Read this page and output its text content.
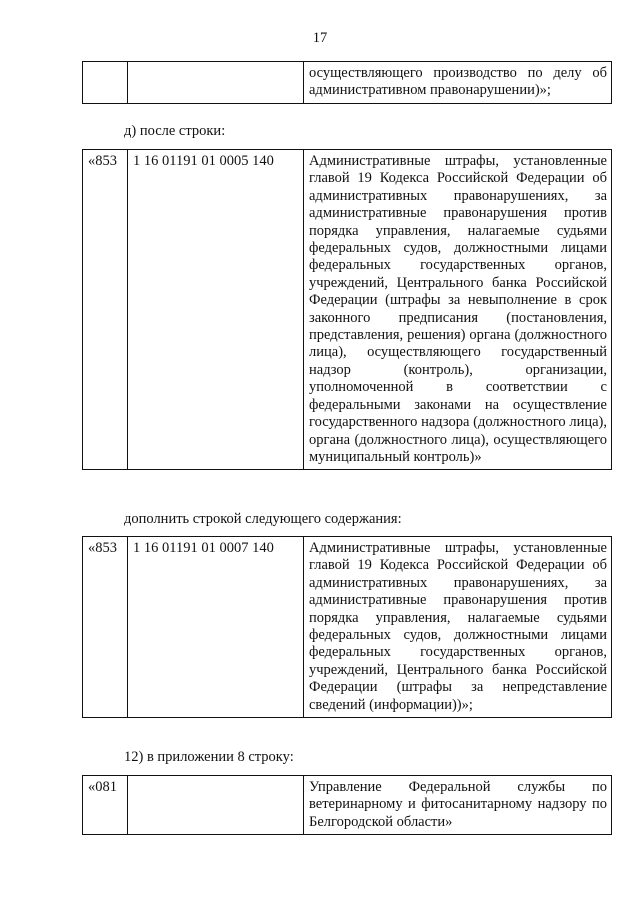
17
		осуществляющего производство по делу об административном правонарушении)»;
д) после строки:
«853	1 16 01191 01 0005 140	Административные штрафы, установленные главой 19 Кодекса Российской Федерации об административных правонарушениях, за административные правонарушения против порядка управления, налагаемые судьями федеральных судов, должностными лицами федеральных государственных органов, учреждений, Центрального банка Российской Федерации (штрафы за невыполнение в срок законного предписания (постановления, представления, решения) органа (должностного лица), осуществляющего государственный надзор (контроль), организации, уполномоченной в соответствии с федеральными законами на осуществление государственного надзора (должностного лица), органа (должностного лица), осуществляющего муниципальный контроль)»
дополнить строкой следующего содержания:
«853	1 16 01191 01 0007 140	Административные штрафы, установленные главой 19 Кодекса Российской Федерации об административных правонарушениях, за административные правонарушения против порядка управления, налагаемые судьями федеральных судов, должностными лицами федеральных государственных органов, учреждений, Центрального банка Российской Федерации (штрафы за непредставление сведений (информации))»;
12) в приложении 8 строку:
«081		Управление Федеральной службы по ветеринарному и фитосанитарному надзору по Белгородской области»
